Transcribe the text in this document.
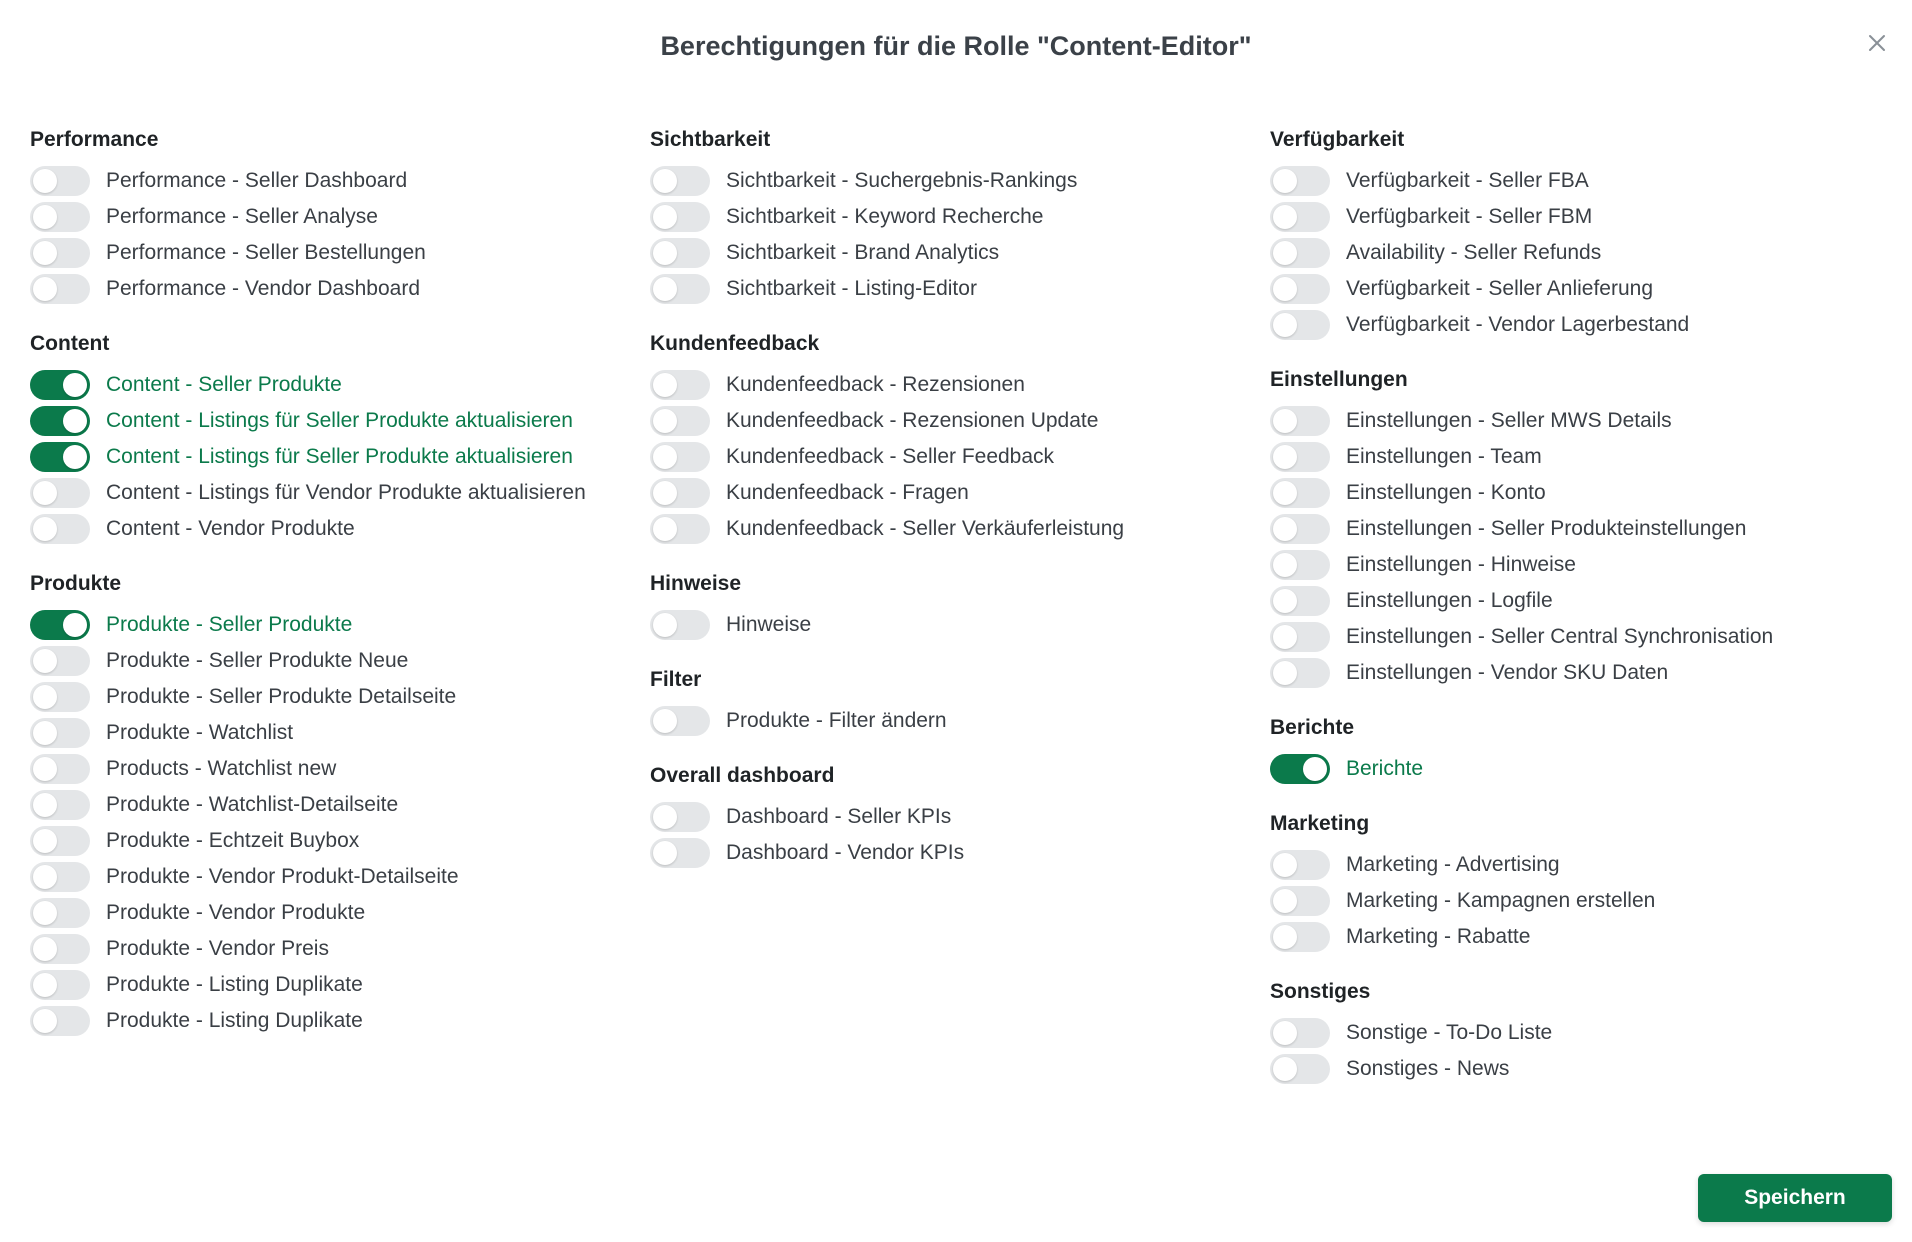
Berechtigungen für die Rolle "Content-Editor"
Performance
Performance - Seller Dashboard
Performance - Seller Analyse
Performance - Seller Bestellungen
Performance - Vendor Dashboard
Content
Content - Seller Produkte
Content - Listings für Seller Produkte aktualisieren
Content - Listings für Seller Produkte aktualisieren
Content - Listings für Vendor Produkte aktualisieren
Content - Vendor Produkte
Produkte
Produkte - Seller Produkte
Produkte - Seller Produkte Neue
Produkte - Seller Produkte Detailseite
Produkte - Watchlist
Products - Watchlist new
Produkte - Watchlist-Detailseite
Produkte - Echtzeit Buybox
Produkte - Vendor Produkt-Detailseite
Produkte - Vendor Produkte
Produkte - Vendor Preis
Produkte - Listing Duplikate
Produkte - Listing Duplikate
Sichtbarkeit
Sichtbarkeit - Suchergebnis-Rankings
Sichtbarkeit - Keyword Recherche
Sichtbarkeit - Brand Analytics
Sichtbarkeit - Listing-Editor
Kundenfeedback
Kundenfeedback - Rezensionen
Kundenfeedback - Rezensionen Update
Kundenfeedback - Seller Feedback
Kundenfeedback - Fragen
Kundenfeedback - Seller Verkäuferleistung
Hinweise
Hinweise
Filter
Produkte - Filter ändern
Overall dashboard
Dashboard - Seller KPIs
Dashboard - Vendor KPIs
Verfügbarkeit
Verfügbarkeit - Seller FBA
Verfügbarkeit - Seller FBM
Availability - Seller Refunds
Verfügbarkeit - Seller Anlieferung
Verfügbarkeit - Vendor Lagerbestand
Einstellungen
Einstellungen - Seller MWS Details
Einstellungen - Team
Einstellungen - Konto
Einstellungen - Seller Produkteinstellungen
Einstellungen - Hinweise
Einstellungen - Logfile
Einstellungen - Seller Central Synchronisation
Einstellungen - Vendor SKU Daten
Berichte
Berichte
Marketing
Marketing - Advertising
Marketing - Kampagnen erstellen
Marketing - Rabatte
Sonstiges
Sonstige - To-Do Liste
Sonstiges - News
Speichern
